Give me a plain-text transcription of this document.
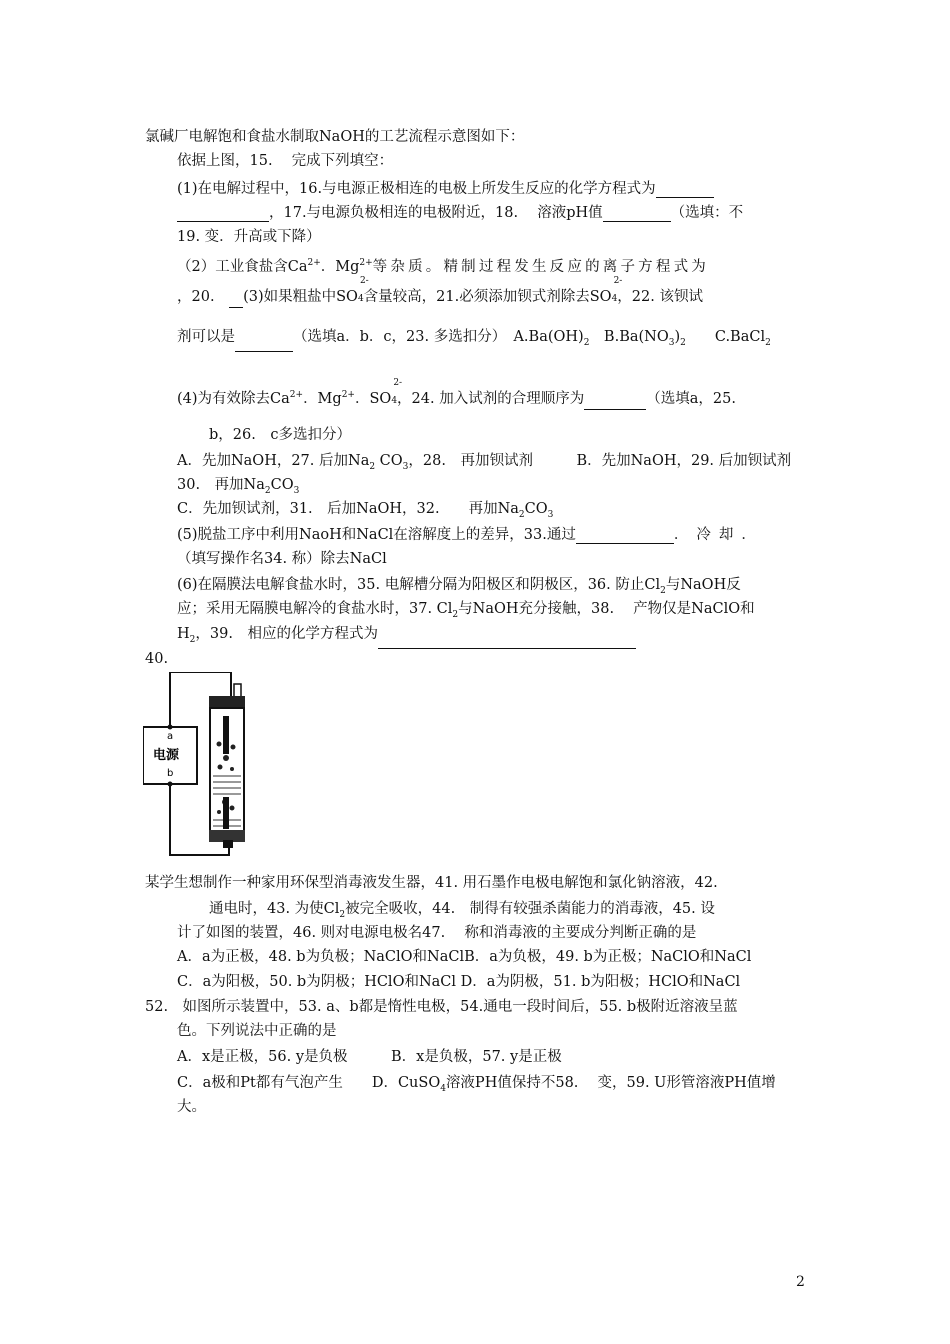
氯碱厂电解饱和食盐水制取NaOH的工艺流程示意图如下：
依据上图，15.　 完成下列填空：
(1)在电解过程中，16.与电源正极相连的电极上所发生反应的化学方程式为
，17.与电源负极相连的电极附近，18.　 溶液pH值	（选填：不
19. 变．升高或下降）
（2）工业食盐含$Ca^{2+}$．$Mg^{2+}$等杂质。精制过程发生反应的离子方程式为
，20.　(3)如果粗盐中SO
2-
4含量较高，21.必须添加钡式剂除去SO
2-
4，22. 该钡试
剂可以是	（选填a．b．c，23. 多选扣分）　$A.Ba(OH)_2$　$B.Ba(NO_3)_2$　　C.BaCl$_2$
(4)为有效除去$Ca^{2+}$．$Mg^{2+}$．SO
2-
4，24. 加入试剂的合理顺序为	（选填a，25.
b，26.　c多选扣分）
A．先加NaOH，27. 后加$Na_2$ $CO_3$，28.　再加钡试剂　　　B．先加NaOH，29. 后加钡试剂
30.　再加$Na_2CO_3$
C．先加钡试剂，31.　后加NaOH，32.　　再加$Na_2CO_3$
(5)脱盐工序中利用NaoH和NaCl在溶解度上的差异，33.通过	．冷却．
（填写操作名34. 称）除去NaCl
(6)在隔膜法电解食盐水时，35. 电解槽分隔为阳极区和阴极区，36. 防止$Cl_2$与NaOH反
应；采用无隔膜电解冷的食盐水时，37. $Cl_2$与NaOH充分接触，38.　 产物仅是NaClO和
$H_2$，39.　相应的化学方程式为
40.
a
电源
b
某学生想制作一种家用环保型消毒液发生器，41. 用石墨作电极电解饱和氯化钠溶液，42.
通电时，43. 为使$Cl_2$被完全吸收，44.　制得有较强杀菌能力的消毒液，45. 设
计了如图的装置，46. 则对电源电极名47.　 称和消毒液的主要成分判断正确的是
A．a为正极，48. b为负极；NaClO和NaClB．a为负极，49. b为正极；NaClO和NaCl
C．a为阳极，50. b为阴极；HClO和NaCl D．a为阴极，51. b为阳极；HClO和NaCl
52.　如图所示装置中，53. a、b都是惰性电极，54.通电一段时间后，55. b极附近溶液呈蓝
色。下列说法中正确的是
A．x是正极，56. y是负极　　　B．x是负极，57. y是正极
C．a极和Pt都有气泡产生　　D．CuSO$_4$溶液PH值保持不58.　 变，59. U形管溶液PH值增
大。
2
